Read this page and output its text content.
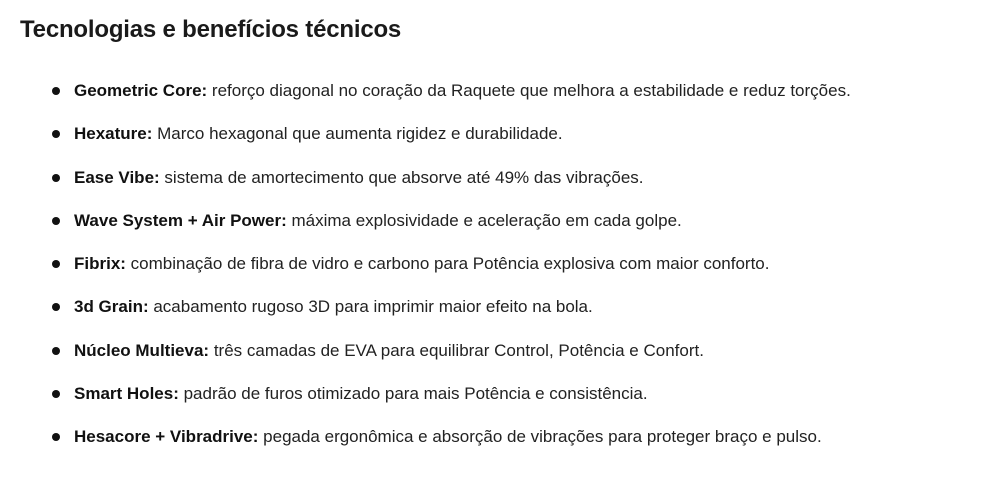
Tecnologias e benefícios técnicos
Geometric Core: reforço diagonal no coração da Raquete que melhora a estabilidade e reduz torções.
Hexature: Marco hexagonal que aumenta rigidez e durabilidade.
Ease Vibe: sistema de amortecimento que absorve até 49% das vibrações.
Wave System + Air Power: máxima explosividade e aceleração em cada golpe.
Fibrix: combinação de fibra de vidro e carbono para Potência explosiva com maior conforto.
3d Grain: acabamento rugoso 3D para imprimir maior efeito na bola.
Núcleo Multieva: três camadas de EVA para equilibrar Control, Potência e Confort.
Smart Holes: padrão de furos otimizado para mais Potência e consistência.
Hesacore + Vibradrive: pegada ergonômica e absorção de vibrações para proteger braço e pulso.
